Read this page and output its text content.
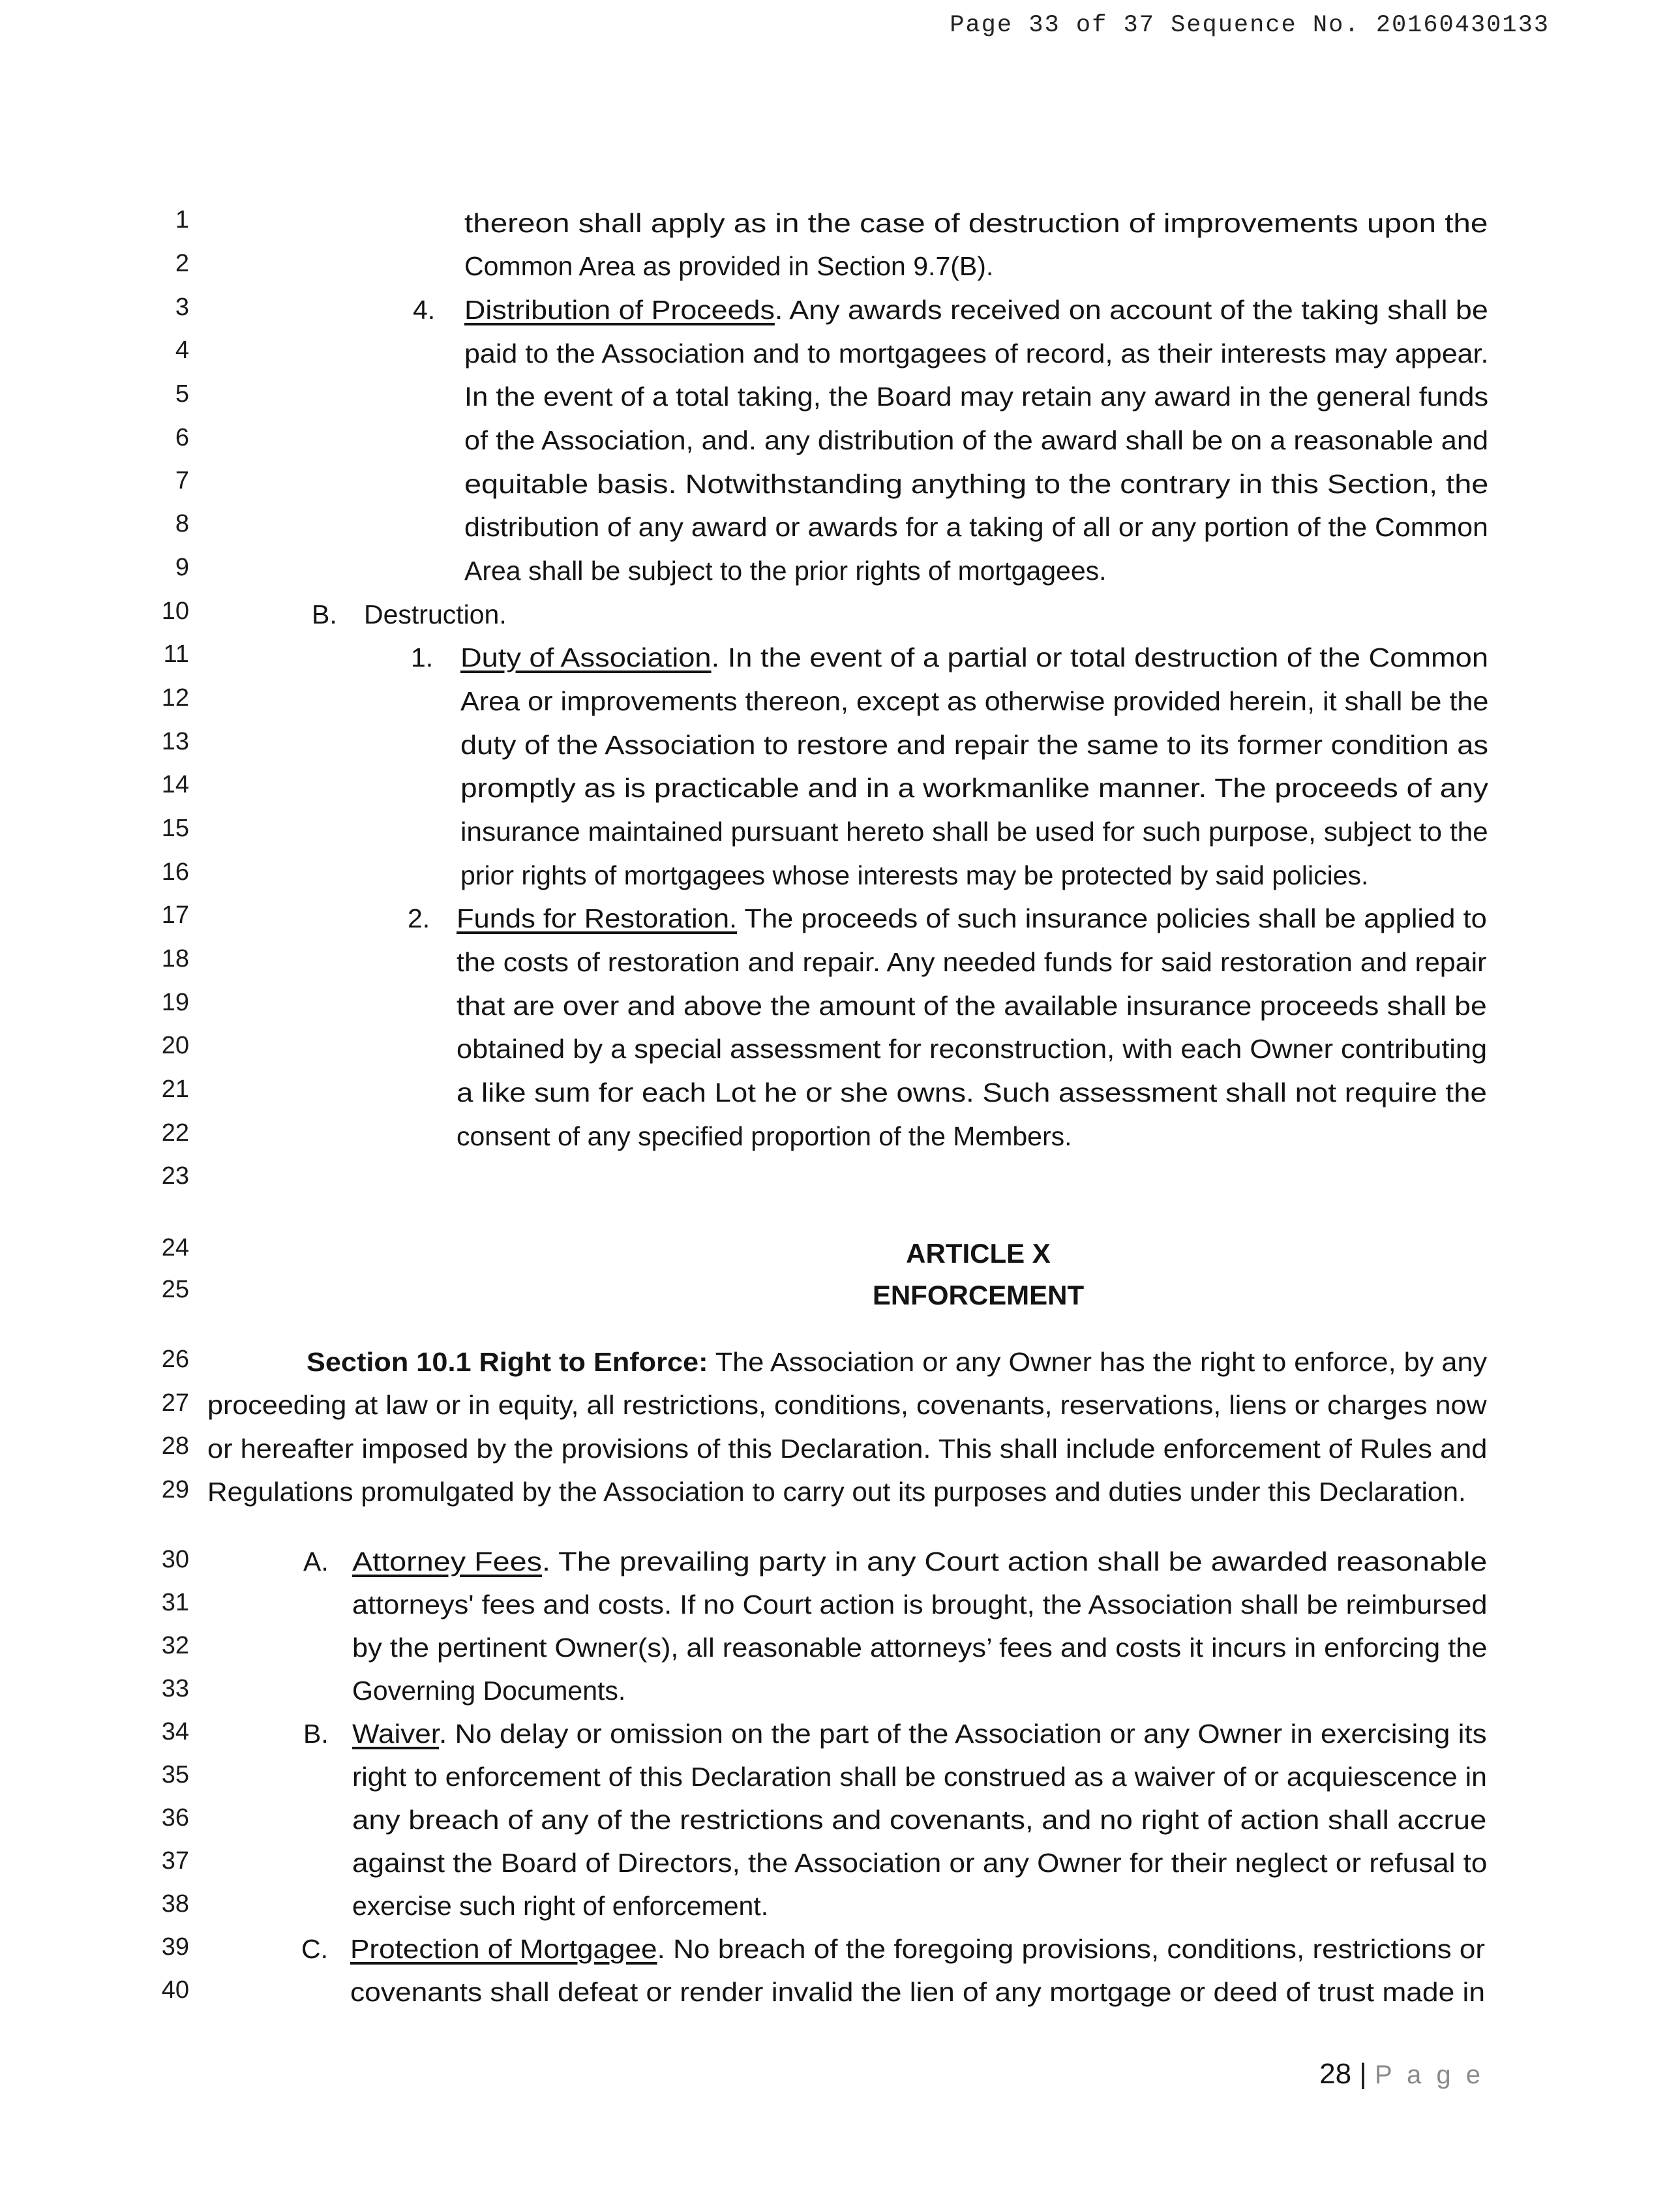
Page 33 of 37 Sequence No. 20160430133
1
2
3
4
5
6
7
8
9
10
11
12
13
14
15
16
17
18
19
20
21
22
23
24
25
26
27
28
29
30
31
32
33
34
35
36
37
38
39
40
thereon shall apply as in the case of destruction of improvements upon the
Common Area as provided in Section 9.7(B).
4. Distribution of Proceeds. Any awards received on account of the taking shall be
paid to the Association and to mortgagees of record, as their interests may appear.
In the event of a total taking, the Board may retain any award in the general funds
of the Association, and. any distribution of the award shall be on a reasonable and
equitable basis. Notwithstanding anything to the contrary in this Section, the
distribution of any award or awards for a taking of all or any portion of the Common
Area shall be subject to the prior rights of mortgagees.
B. Destruction.
1. Duty of Association. In the event of a partial or total destruction of the Common
Area or improvements thereon, except as otherwise provided herein, it shall be the
duty of the Association to restore and repair the same to its former condition as
promptly as is practicable and in a workmanlike manner. The proceeds of any
insurance maintained pursuant hereto shall be used for such purpose, subject to the
prior rights of mortgagees whose interests may be protected by said policies.
2. Funds for Restoration. The proceeds of such insurance policies shall be applied to
the costs of restoration and repair. Any needed funds for said restoration and repair
that are over and above the amount of the available insurance proceeds shall be
obtained by a special assessment for reconstruction, with each Owner contributing
a like sum for each Lot he or she owns. Such assessment shall not require the
consent of any specified proportion of the Members.
ARTICLE X
ENFORCEMENT
Section 10.1 Right to Enforce: The Association or any Owner has the right to enforce, by any
proceeding at law or in equity, all restrictions, conditions, covenants, reservations, liens or charges now
or hereafter imposed by the provisions of this Declaration. This shall include enforcement of Rules and
Regulations promulgated by the Association to carry out its purposes and duties under this Declaration.
A. Attorney Fees. The prevailing party in any Court action shall be awarded reasonable
attorneys' fees and costs. If no Court action is brought, the Association shall be reimbursed
by the pertinent Owner(s), all reasonable attorneys’ fees and costs it incurs in enforcing the
Governing Documents.
B. Waiver. No delay or omission on the part of the Association or any Owner in exercising its
right to enforcement of this Declaration shall be construed as a waiver of or acquiescence in
any breach of any of the restrictions and covenants, and no right of action shall accrue
against the Board of Directors, the Association or any Owner for their neglect or refusal to
exercise such right of enforcement.
C. Protection of Mortgagee. No breach of the foregoing provisions, conditions, restrictions or
covenants shall defeat or render invalid the lien of any mortgage or deed of trust made in
28 | P a g e
